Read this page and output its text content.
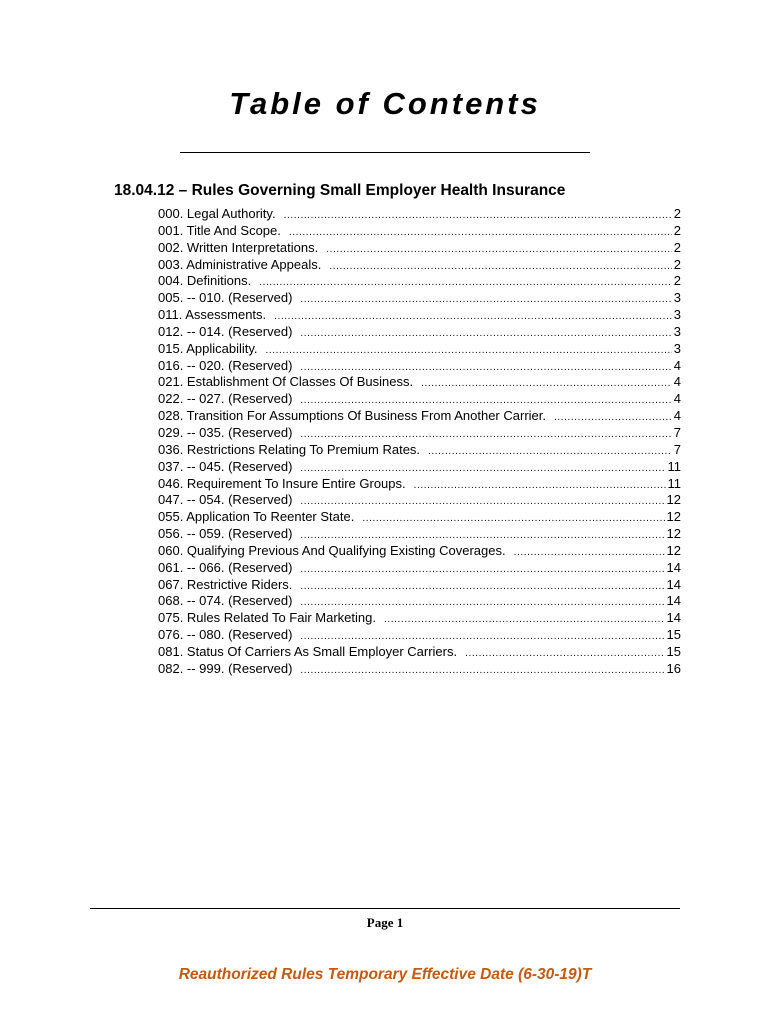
Table of Contents
18.04.12 – Rules Governing Small Employer Health Insurance
000. Legal Authority. .....	2
001. Title And Scope. .....	2
002. Written Interpretations. .....	2
003. Administrative Appeals. .....	2
004. Definitions. .....	2
005. -- 010. (Reserved) .....	3
011. Assessments. .....	3
012. -- 014. (Reserved) .....	3
015. Applicability. .....	3
016. -- 020. (Reserved) .....	4
021. Establishment Of Classes Of Business. .....	4
022. -- 027. (Reserved) .....	4
028. Transition For Assumptions Of Business From Another Carrier. .....	4
029. -- 035. (Reserved) .....	7
036. Restrictions Relating To Premium Rates. .....	7
037. -- 045. (Reserved) .....	11
046. Requirement To Insure Entire Groups. .....	11
047. -- 054. (Reserved) .....	12
055. Application To Reenter State. .....	12
056. -- 059. (Reserved) .....	12
060. Qualifying Previous And Qualifying Existing Coverages. .....	12
061. -- 066. (Reserved) .....	14
067. Restrictive Riders. .....	14
068. -- 074. (Reserved) .....	14
075. Rules Related To Fair Marketing. .....	14
076. -- 080. (Reserved) .....	15
081. Status Of Carriers As Small Employer Carriers. .....	15
082. -- 999. (Reserved) .....	16
Page 1
Reauthorized Rules Temporary Effective Date (6-30-19)T
